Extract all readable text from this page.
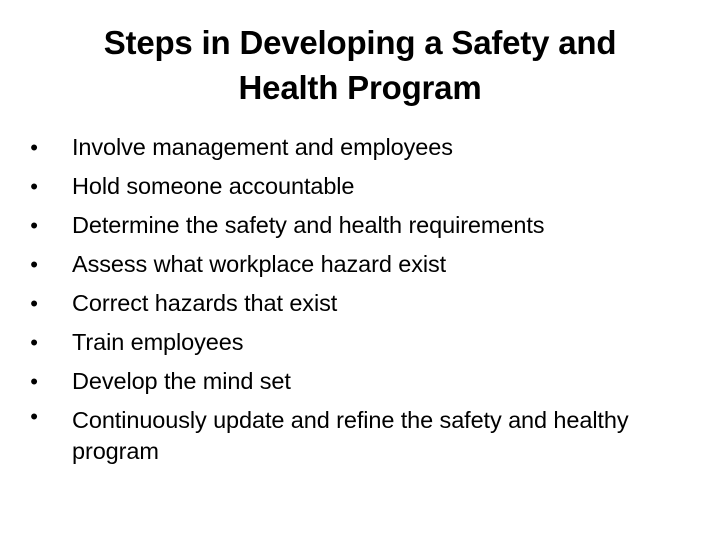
Steps in Developing a Safety and
Health Program
• Involve management and employees
• Hold someone accountable
• Determine the safety and health requirements
• Assess what workplace hazard exist
• Correct hazards that exist
• Train employees
• Develop the mind set
• Continuously update and refine the safety and healthy program
